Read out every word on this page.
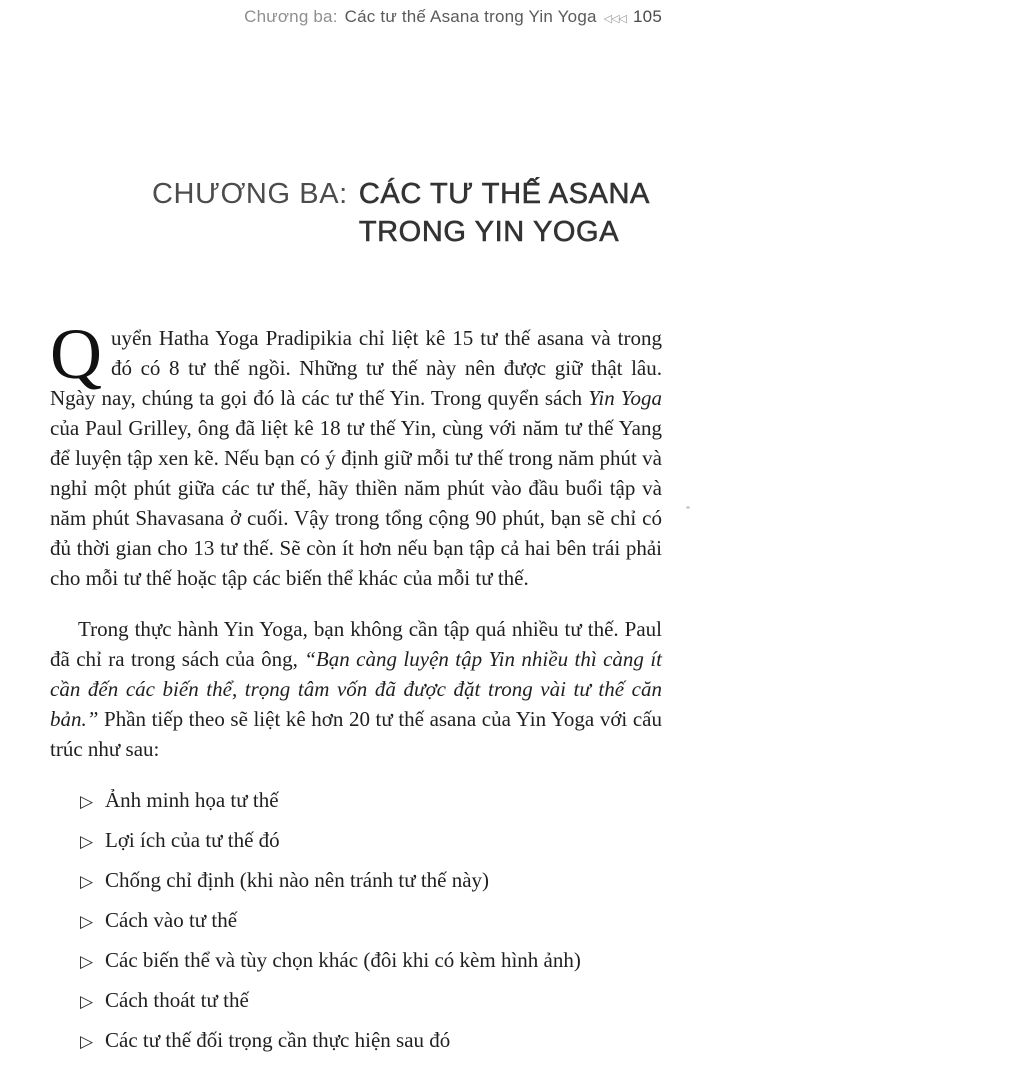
Chương ba: Các tư thế Asana trong Yin Yoga ◁◁◁ 105
CHƯƠNG BA: CÁC TƯ THẾ ASANA
TRONG YIN YOGA

Quyển Hatha Yoga Pradipikia chỉ liệt kê 15 tư thế asana và trong đó có 8 tư thế ngồi. Những tư thế này nên được giữ thật lâu. Ngày nay, chúng ta gọi đó là các tư thế Yin. Trong quyển sách Yin Yoga của Paul Grilley, ông đã liệt kê 18 tư thế Yin, cùng với năm tư thế Yang để luyện tập xen kẽ. Nếu bạn có ý định giữ mỗi tư thế trong năm phút và nghỉ một phút giữa các tư thế, hãy thiền năm phút vào đầu buổi tập và năm phút Shavasana ở cuối. Vậy trong tổng cộng 90 phút, bạn sẽ chỉ có đủ thời gian cho 13 tư thế. Sẽ còn ít hơn nếu bạn tập cả hai bên trái phải cho mỗi tư thế hoặc tập các biến thể khác của mỗi tư thế.

Trong thực hành Yin Yoga, bạn không cần tập quá nhiều tư thế. Paul đã chỉ ra trong sách của ông, “Bạn càng luyện tập Yin nhiều thì càng ít cần đến các biến thể, trọng tâm vốn đã được đặt trong vài tư thế căn bản.” Phần tiếp theo sẽ liệt kê hơn 20 tư thế asana của Yin Yoga với cấu trúc như sau:

▷ Ảnh minh họa tư thế
▷ Lợi ích của tư thế đó
▷ Chống chỉ định (khi nào nên tránh tư thế này)
▷ Cách vào tư thế
▷ Các biến thể và tùy chọn khác (đôi khi có kèm hình ảnh)
▷ Cách thoát tư thế
▷ Các tư thế đối trọng cần thực hiện sau đó
